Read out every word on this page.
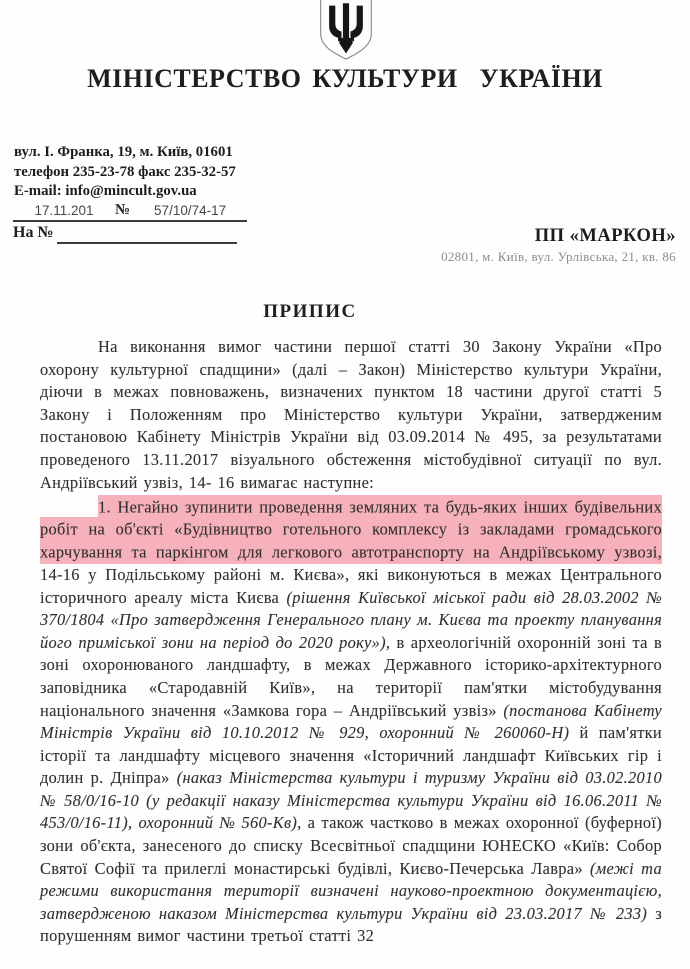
МІНІСТЕРСТВО КУЛЬТУРИ  УКРАЇНИ
вул. І. Франка, 19, м. Київ, 01601
телефон 235-23-78 факс 235-32-57
E-mail: info@mincult.gov.ua
17.11.201	№	57/10/74-17
На №	ПП «МАРКОН»
02801, м. Київ, вул. Урлівська, 21, кв. 86
ПРИПИС

На виконання вимог частини першої статті 30 Закону України «Про охорону культурної спадщини» (далі – Закон) Міністерство культури України, діючи в межах повноважень, визначених пунктом 18 частини другої статті 5 Закону і Положенням про Міністерство культури України, затвердженим постановою Кабінету Міністрів України від 03.09.2014 № 495, за результатами проведеного 13.11.2017 візуального обстеження містобудівної ситуації по вул. Андріївський узвіз, 14- 16 вимагає наступне:

1. Негайно зупинити проведення земляних та будь-яких інших будівельних робіт на об'єкті «Будівництво готельного комплексу із закладами громадського харчування та паркінгом для легкового автотранспорту на Андріївському узвозі, 14-16 у Подільському районі м. Києва», які виконуються в межах Центрального історичного ареалу міста Києва (рішення Київської міської ради від 28.03.2002 № 370/1804 «Про затвердження Генерального плану м. Києва та проекту планування його приміської зони на період до 2020 року»), в археологічній охоронній зоні та в зоні охоронюваного ландшафту, в межах Державного історико-архітектурного заповідника «Стародавній Київ», на території пам'ятки містобудування національного значення «Замкова гора – Андріївський узвіз» (постанова Кабінету Міністрів України від 10.10.2012 № 929, охоронний № 260060-Н) й пам'ятки історії та ландшафту місцевого значення «Історичний ландшафт Київських гір і долин р. Дніпра» (наказ Міністерства культури і туризму України від 03.02.2010 № 58/0/16-10 (у редакції наказу Міністерства культури України від 16.06.2011 № 453/0/16-11), охоронний № 560-Кв), а також частково в межах охоронної (буферної) зони об'єкта, занесеного до списку Всесвітньої спадщини ЮНЕСКО «Київ: Собор Святої Софії та прилеглі монастирські будівлі, Києво-Печерська Лавра» (межі та режими використання території визначені науково-проектною документацією, затвердженою наказом Міністерства культури України від 23.03.2017 № 233) з порушенням вимог частини третьої статті 32
